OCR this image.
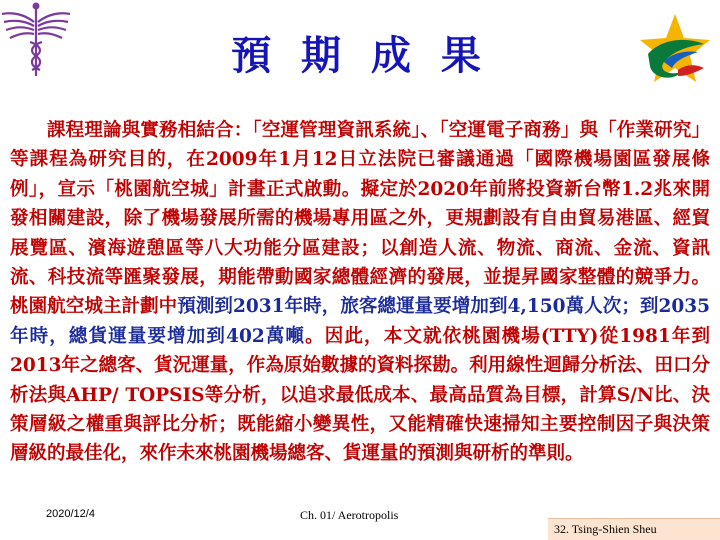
預 期 成 果

課程理論與實務相結合：「空運管理資訊系統」、「空運電子商務」與「作業研究」等課程為研究目的，在2009年1月12日立法院已審議通過「國際機場園區發展條例」，宣示「桃園航空城」計畫正式啟動。擬定於2020年前將投資新台幣1.2兆來開發相關建設，除了機場發展所需的機場專用區之外，更規劃設有自由貿易港區、經貿展覽區、濱海遊憩區等八大功能分區建設；以創造人流、物流、商流、金流、資訊流、科技流等匯聚發展，期能帶動國家總體經濟的發展，並提昇國家整體的競爭力。桃園航空城主計劃中預測到2031年時，旅客總運量要增加到4,150萬人次；到2035年時，總貨運量要增加到402萬噸。因此，本文就依桃園機場(TTY)從1981年到2013年之總客、貨況運量，作為原始數據的資料探勘。利用線性迴歸分析法、田口分析法與AHP/ TOPSIS等分析，以追求最低成本、最高品質為目標，計算S/N比、決策層級之權重與評比分析；既能縮小變異性，又能精確快速掃知主要控制因子與決策層級的最佳化，來作未來桃園機場總客、貨運量的預測與研析的準則。

2020/12/4	Ch. 01/ Aerotropolis
32. Tsing-Shien Sheu
